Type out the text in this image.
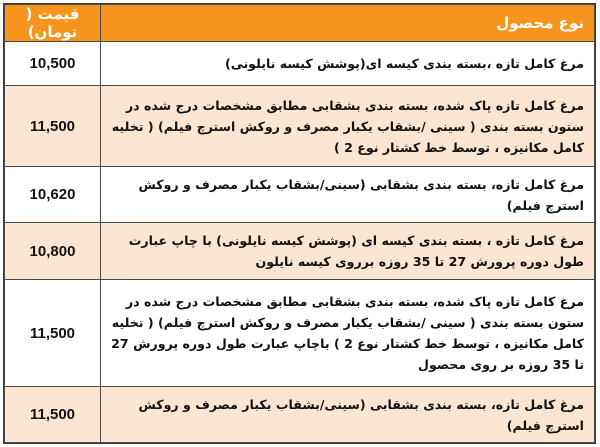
قیمت ( تومان)	نوع محصول
10,500	مرغ کامل تازه ،بسته بندی کیسه ای(پوشش کیسه نایلونی)
11,500	مرغ کامل تازه پاک شده، بسته بندی بشقابی مطابق مشخصات درج شده در ستون بسته بندی ( سینی /بشقاب یکبار مصرف و روکش استرچ فیلم) ( تخلیه کامل مکانیزه ، توسط خط کشتار نوع 2 )
10,620	مرغ کامل تازه، بسته بندی بشقابی (سینی/بشقاب یکبار مصرف و روکش استرچ فیلم)
10,800	مرغ کامل تازه ، بسته بندی کیسه ای (پوشش کیسه نایلونی) با چاپ عبارت طول دوره پرورش 27 تا 35 روزه برروی کیسه نایلون
11,500	مرغ کامل تازه پاک شده، بسته بندی بشقابی مطابق مشخصات درج شده در ستون بسته بندی ( سینی /بشقاب یکبار مصرف و روکش استرچ فیلم) ( تخلیه کامل مکانیزه ، توسط خط کشتار نوع 2 ) باچاپ عبارت طول دوره پرورش 27 تا 35 روزه بر روی محصول
11,500	مرغ کامل تازه، بسته بندی بشقابی (سینی/بشقاب یکبار مصرف و روکش استرچ فیلم)
